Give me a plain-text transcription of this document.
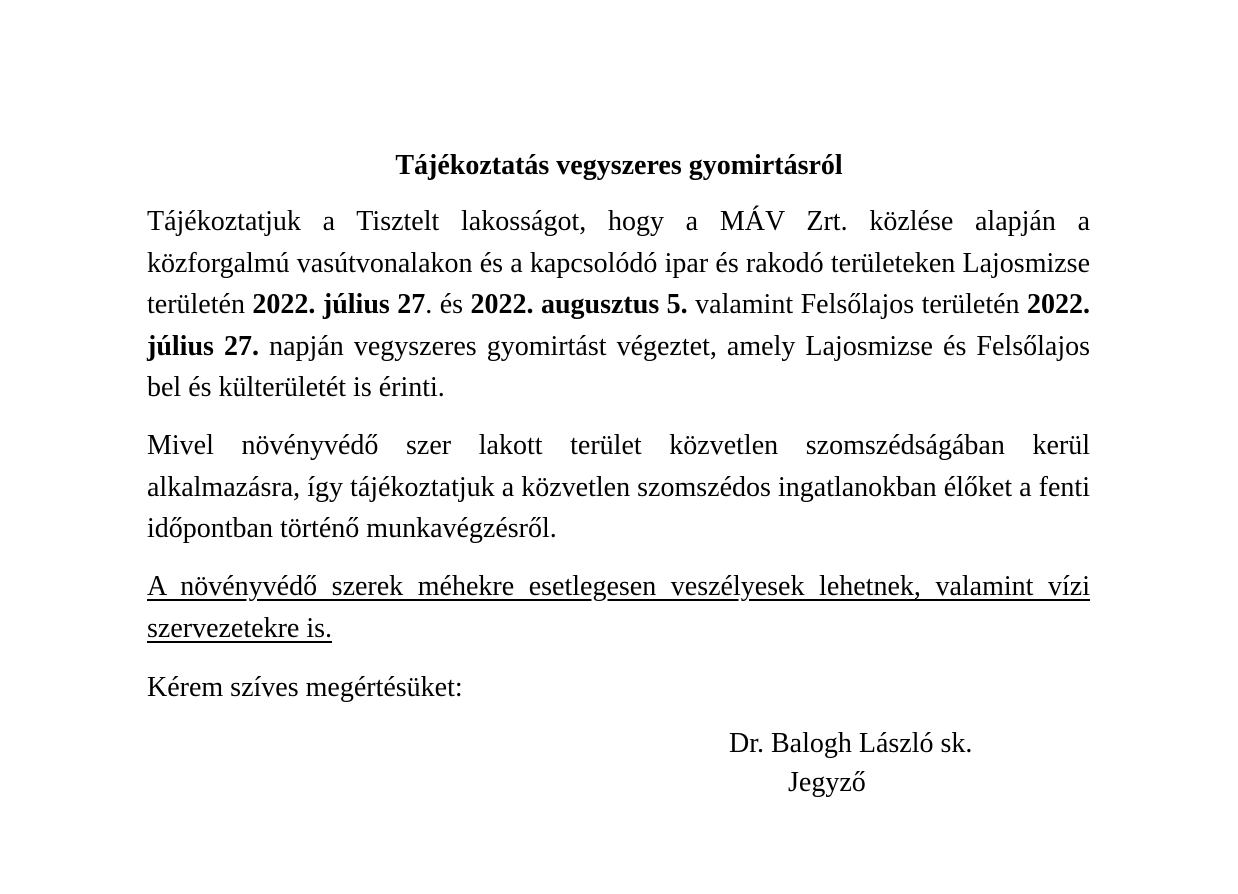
Tájékoztatás vegyszeres gyomirtásról

Tájékoztatjuk a Tisztelt lakosságot, hogy a MÁV Zrt. közlése alapján a közforgalmú vasútvonalakon és a kapcsolódó ipar és rakodó területeken Lajosmizse területén 2022. július 27. és 2022. augusztus 5. valamint Felsőlajos területén 2022. július 27. napján vegyszeres gyomirtást végeztet, amely Lajosmizse és Felsőlajos bel és külterületét is érinti.

Mivel növényvédő szer lakott terület közvetlen szomszédságában kerül alkalmazásra, így tájékoztatjuk a közvetlen szomszédos ingatlanokban élőket a fenti időpontban történő munkavégzésről.

A növényvédő szerek méhekre esetlegesen veszélyesek lehetnek, valamint vízi szervezetekre is.

Kérem szíves megértésüket:
Dr. Balogh László sk.
Jegyző
